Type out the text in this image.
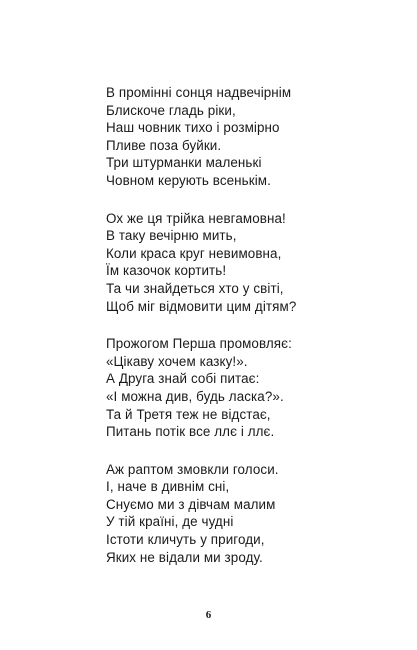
В промінні сонця надвечірнім
Блискоче гладь ріки,
Наш човник тихо і розмірно
Пливе поза буйки.
Три штурманки маленькі
Човном керують всенькім.
Ох же ця трійка невгамовна!
В таку вечірню мить,
Коли краса круг невимовна,
Їм казочок кортить!
Та чи знайдеться хто у світі,
Щоб міг відмовити цим дітям?
Прожогом Перша промовляє:
«Цікаву хочем казку!».
А Друга знай собі питає:
«І можна див, будь ласка?».
Та й Третя теж не відстає,
Питань потік все ллє і ллє.
Аж раптом змовкли голоси.
І, наче в дивнім сні,
Снуємо ми з дівчам малим
У тій країні, де чудні
Істоти кличуть у пригоди,
Яких не відали ми зроду.
6
